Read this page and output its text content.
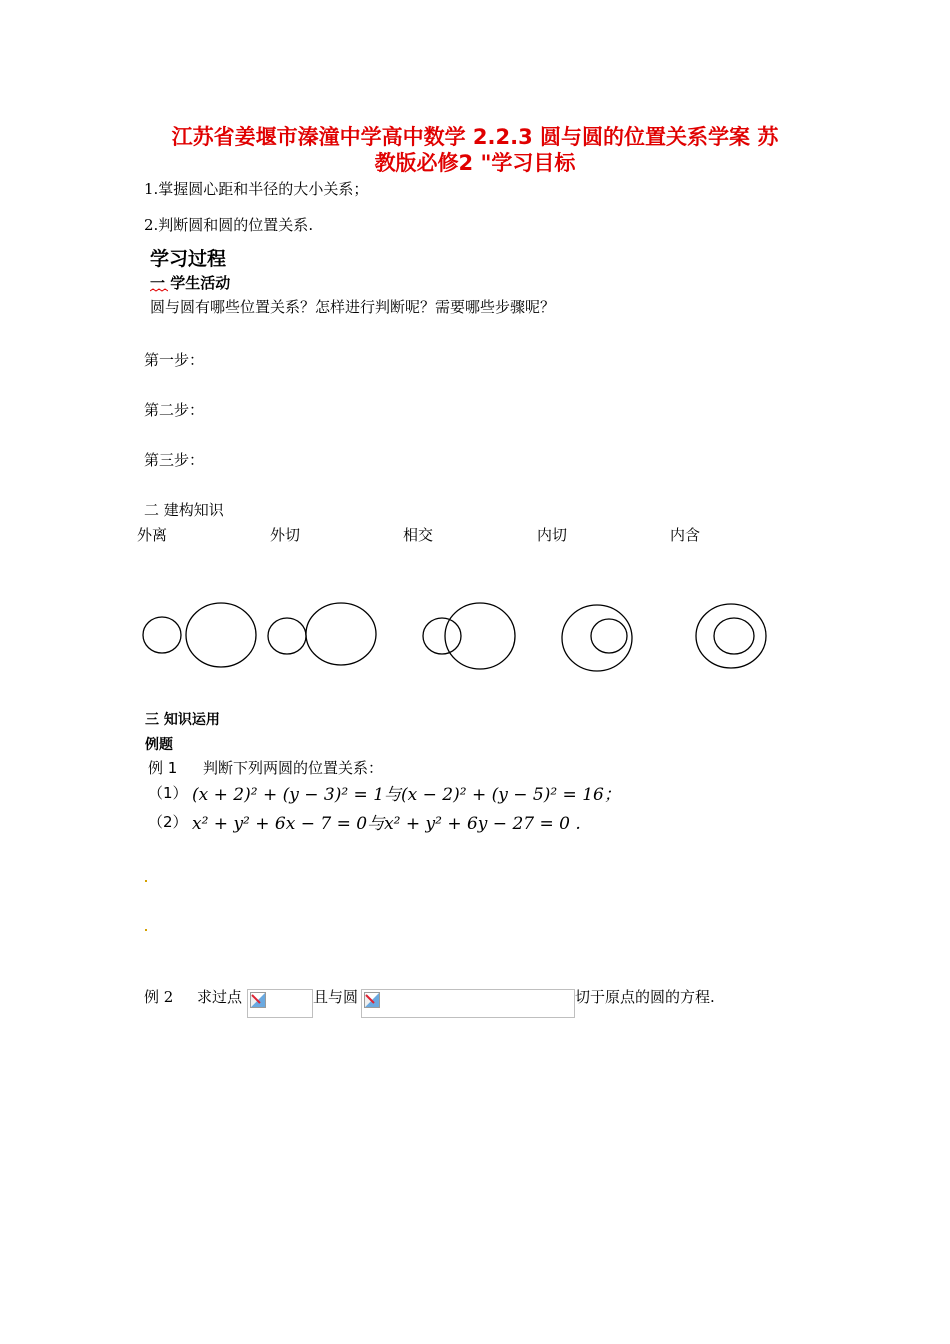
江苏省姜堰市溱潼中学高中数学 2.2.3 圆与圆的位置关系学案 苏
教版必修2 "学习目标
1.掌握圆心距和半径的大小关系；
2.判断圆和圆的位置关系.
学习过程
一 学生活动
圆与圆有哪些位置关系？怎样进行判断呢？需要哪些步骤呢？
第一步：
第二步：
第三步：
二 建构知识
外离	外切	相交	内切	内含
三 知识运用
例题
例 1 判断下列两圆的位置关系：
（1） (x + 2)² + (y − 3)² = 1与(x − 2)² + (y − 5)² = 16；
（2） x² + y² + 6x − 7 = 0与x² + y² + 6y − 27 = 0 .
例 2 求过点	且与圆	切于原点的圆的方程.
